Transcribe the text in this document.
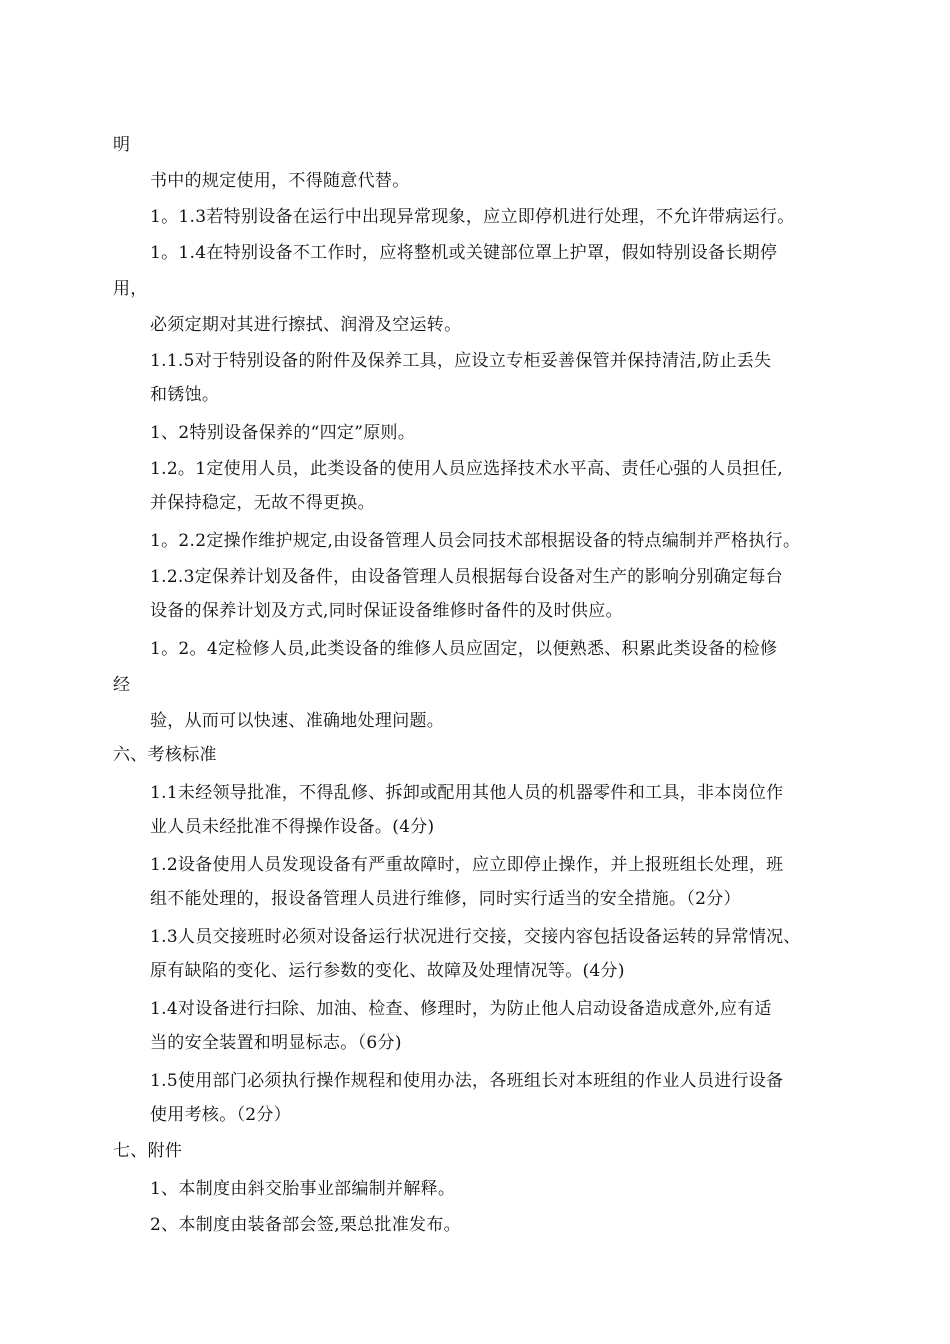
明
书中的规定使用，不得随意代替。
1。1.3若特别设备在运行中出现异常现象，应立即停机进行处理，不允许带病运行。
1。1.4在特别设备不工作时，应将整机或关键部位罩上护罩，假如特别设备长期停
用，
必须定期对其进行擦拭、润滑及空运转。
1.1.5对于特别设备的附件及保养工具，应设立专柜妥善保管并保持清洁,防止丢失
和锈蚀。
1、2特别设备保养的“四定”原则。
1.2。1定使用人员，此类设备的使用人员应选择技术水平高、责任心强的人员担任,
并保持稳定，无故不得更换。
1。2.2定操作维护规定,由设备管理人员会同技术部根据设备的特点编制并严格执行。
1.2.3定保养计划及备件，由设备管理人员根据每台设备对生产的影响分别确定每台
设备的保养计划及方式,同时保证设备维修时备件的及时供应。
1。2。4定检修人员,此类设备的维修人员应固定，以便熟悉、积累此类设备的检修
经
验，从而可以快速、准确地处理问题。
六、考核标准
1.1未经领导批准，不得乱修、拆卸或配用其他人员的机器零件和工具，非本岗位作
业人员未经批准不得操作设备。(4分)
1.2设备使用人员发现设备有严重故障时，应立即停止操作，并上报班组长处理，班
组不能处理的，报设备管理人员进行维修，同时实行适当的安全措施。（2分）
1.3人员交接班时必须对设备运行状况进行交接，交接内容包括设备运转的异常情况、
原有缺陷的变化、运行参数的变化、故障及处理情况等。(4分)
1.4对设备进行扫除、加油、检查、修理时，为防止他人启动设备造成意外,应有适
当的安全装置和明显标志。（6分)
1.5使用部门必须执行操作规程和使用办法，各班组长对本班组的作业人员进行设备
使用考核。（2分）
七、附件
1、本制度由斜交胎事业部编制并解释。
2、本制度由装备部会签,栗总批准发布。
